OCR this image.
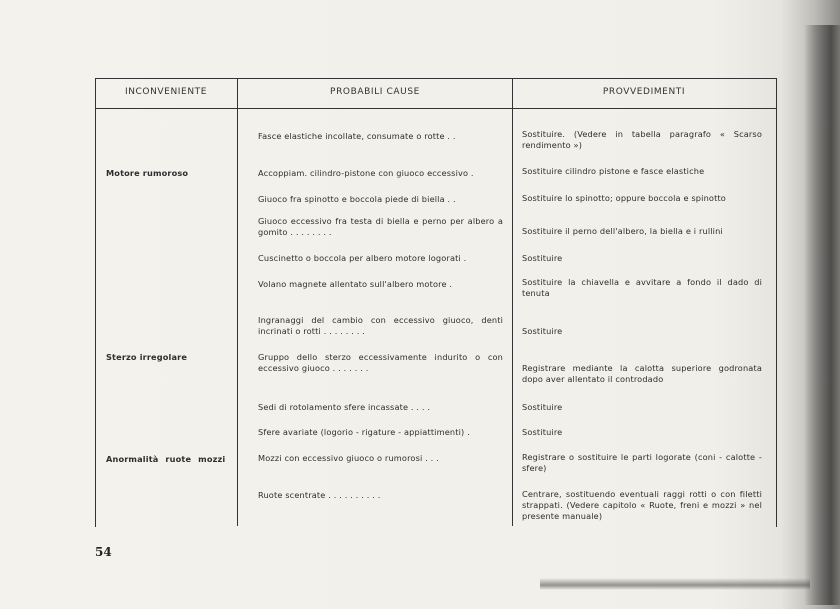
INCONVENIENTE	PROBABILI CAUSE	PROVVEDIMENTI
Motore rumoroso
Sterzo irregolare
Anormalità ruote mozzi
Fasce elastiche incollate, consumate o rotte . .
Accoppiam. cilindro-pistone con giuoco eccessivo .
Giuoco fra spinotto e boccola piede di biella . .
Giuoco eccessivo fra testa di biella e perno per albero a gomito . . . . . . . .
Cuscinetto o boccola per albero motore logorati .
Volano magnete allentato sull'albero motore .
Ingranaggi del cambio con eccessivo giuoco, denti incrinati o rotti . . . . . . . .
Gruppo dello sterzo eccessivamente indurito o con eccessivo giuoco . . . . . . .
Sedi di rotolamento sfere incassate . . . .
Sfere avariate (logorio - rigature - appiattimenti) .
Mozzi con eccessivo giuoco o rumorosi . . .
Ruote scentrate . . . . . . . . . .
Sostituire. (Vedere in tabella paragrafo « Scarso rendimento »)
Sostituire cilindro pistone e fasce elastiche
Sostituire lo spinotto; oppure boccola e spinotto
Sostituire il perno dell'albero, la biella e i rullini
Sostituire
Sostituire la chiavella e avvitare a fondo il dado di tenuta
Sostituire
Registrare mediante la calotta superiore godronata dopo aver allentato il controdado
Sostituire
Sostituire
Registrare o sostituire le parti logorate (coni - calotte - sfere)
Centrare, sostituendo eventuali raggi rotti o con filetti strappati. (Vedere capitolo « Ruote, freni e mozzi » nel presente manuale)
54
